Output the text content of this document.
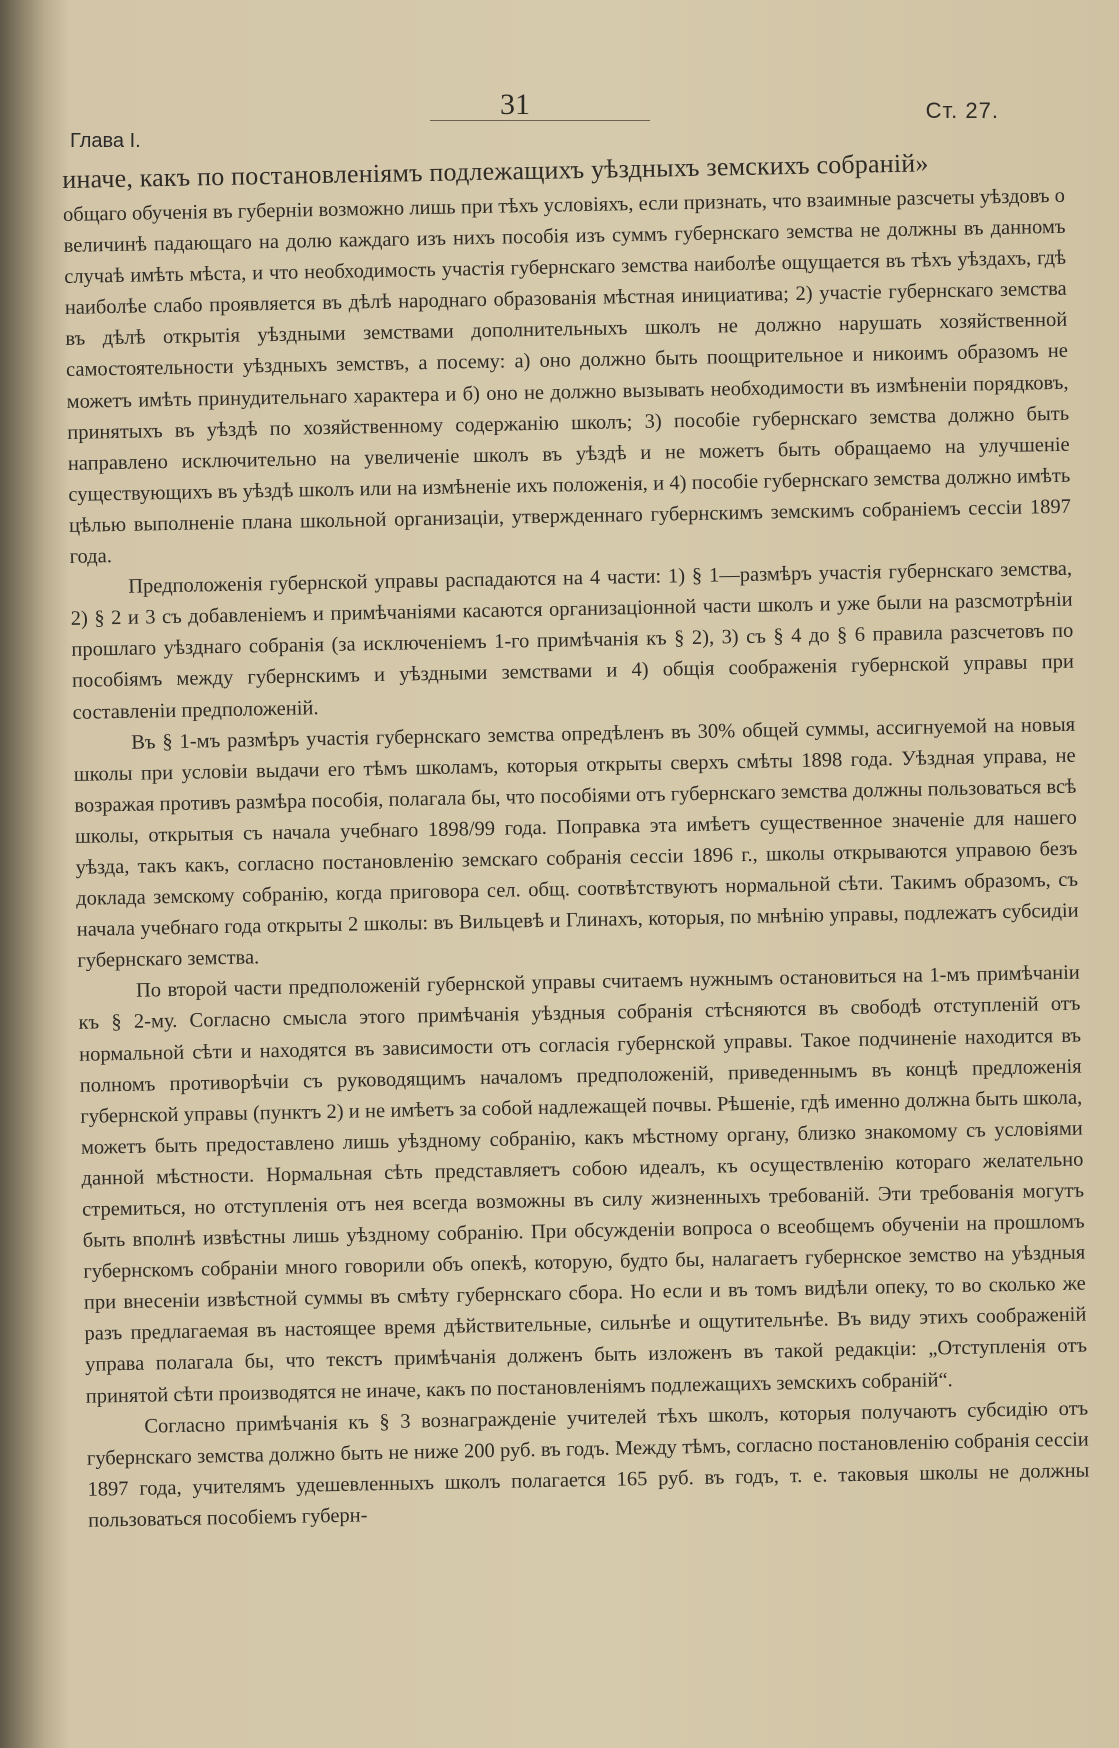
Глава I.
31	Ст. 27.

иначе, какъ по постановленiямъ подлежащихъ уѣздныхъ земскихъ собранiй»

общаго обученiя въ губернiи возможно лишь при тѣхъ условiяхъ, если признать, что взаимные разсчеты уѣздовъ о величинѣ падающаго на долю каждаго изъ нихъ пособiя изъ суммъ губернскаго земства не должны въ данномъ случаѣ имѣть мѣста, и что необходимость участiя губернскаго земства наиболѣе ощущается въ тѣхъ уѣздахъ, гдѣ наиболѣе слабо проявляется въ дѣлѣ народнаго образованiя мѣстная инициатива; 2) участiе губернскаго земства въ дѣлѣ открытiя уѣздными земствами дополнительныхъ школъ не должно нарушать хозяйственной самостоятельности уѣздныхъ земствъ, а посему: а) оно должно быть поощрительное и никоимъ образомъ не можетъ имѣть принудительнаго характера и б) оно не должно вызывать необходимости въ измѣненiи порядковъ, принятыхъ въ уѣздѣ по хозяйственному содержанiю школъ; 3) пособiе губернскаго земства должно быть направлено исключительно на увеличенiе школъ въ уѣздѣ и не можетъ быть обращаемо на улучшенiе существующихъ въ уѣздѣ школъ или на измѣненiе ихъ положенiя, и 4) пособiе губернскаго земства должно имѣть цѣлью выполненiе плана школьной организацiи, утвержденнаго губернскимъ земскимъ собранiемъ сессiи 1897 года.

Предположенiя губернской управы распадаются на 4 части: 1) § 1—размѣръ участiя губернскаго земства, 2) § 2 и 3 съ добавленiемъ и примѣчанiями касаются организацiонной части школъ и уже были на разсмотрѣнiи прошлаго уѣзднаго собранiя (за исключенiемъ 1-го примѣчанiя къ § 2), 3) съ § 4 до § 6 правила разсчетовъ по пособiямъ между губернскимъ и уѣздными земствами и 4) общiя соображенiя губернской управы при составленiи предположенiй.

Въ § 1-мъ размѣръ участiя губернскаго земства опредѣленъ въ 30% общей суммы, ассигнуемой на новыя школы при условiи выдачи его тѣмъ школамъ, которыя открыты сверхъ смѣты 1898 года. Уѣздная управа, не возражая противъ размѣра пособiя, полагала бы, что пособiями отъ губернскаго земства должны пользоваться всѣ школы, открытыя съ начала учебнаго 1898/99 года. Поправка эта имѣетъ существенное значенiе для нашего уѣзда, такъ какъ, согласно постановленiю земскаго собранiя сессiи 1896 г., школы открываются управою безъ доклада земскому собранiю, когда приговора сел. общ. соотвѣтствуютъ нормальной сѣти. Такимъ образомъ, съ начала учебнаго года открыты 2 школы: въ Вильцевѣ и Глинахъ, которыя, по мнѣнiю управы, подлежатъ субсидiи губернскаго земства.

По второй части предположенiй губернской управы считаемъ нужнымъ остановиться на 1-мъ примѣчанiи къ § 2-му. Согласно смысла этого примѣчанiя уѣздныя собранiя стѣсняются въ свободѣ отступленiй отъ нормальной сѣти и находятся въ зависимости отъ согласiя губернской управы. Такое подчиненiе находится въ полномъ противорѣчiи съ руководящимъ началомъ предположенiй, приведеннымъ въ концѣ предложенiя губернской управы (пунктъ 2) и не имѣетъ за собой надлежащей почвы. Рѣшенiе, гдѣ именно должна быть школа, можетъ быть предоставлено лишь уѣздному собранiю, какъ мѣстному органу, близко знакомому съ условiями данной мѣстности. Нормальная сѣть представляетъ собою идеалъ, къ осуществленiю котораго желательно стремиться, но отступленiя отъ нея всегда возможны въ силу жизненныхъ требованiй. Эти требованiя могутъ быть вполнѣ извѣстны лишь уѣздному собранiю. При обсужденiи вопроса о всеобщемъ обученiи на прошломъ губернскомъ собранiи много говорили объ опекѣ, которую, будто бы, налагаетъ губернское земство на уѣздныя при внесенiи извѣстной суммы въ смѣту губернскаго сбора. Но если и въ томъ видѣли опеку, то во сколько же разъ предлагаемая въ настоящее время дѣйствительные, сильнѣе и ощутительнѣе. Въ виду этихъ соображенiй управа полагала бы, что текстъ примѣчанiя долженъ быть изложенъ въ такой редакцiи: „Отступленiя отъ принятой сѣти производятся не иначе, какъ по постановленiямъ подлежащихъ земскихъ собранiй“.

Согласно примѣчанiя къ § 3 вознагражденiе учителей тѣхъ школъ, которыя получаютъ субсидiю отъ губернскаго земства должно быть не ниже 200 руб. въ годъ. Между тѣмъ, согласно постановленiю собранiя сессiи 1897 года, учителямъ удешевленныхъ школъ полагается 165 руб. въ годъ, т. е. таковыя школы не должны пользоваться пособiемъ губерн-
